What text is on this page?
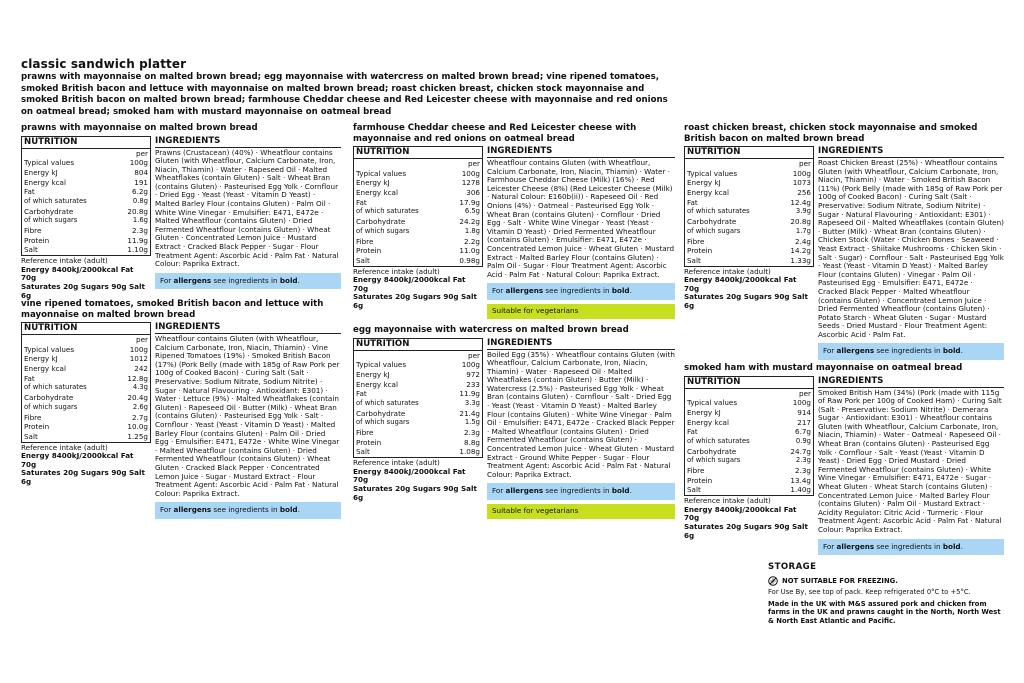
classic sandwich platter
prawns with mayonnaise on malted brown bread; egg mayonnaise with watercress on malted brown bread; vine ripened tomatoes, smoked British bacon and lettuce with mayonnaise on malted brown bread; roast chicken breast, chicken stock mayonnaise and smoked British bacon on malted brown bread; farmhouse Cheddar cheese and Red Leicester cheese with mayonnaise and red onions on oatmeal bread; smoked ham with mustard mayonnaise on oatmeal bread
prawns with mayonnaise on malted brown bread
NUTRITION
per
Typical values	100g
Energy kJ	804
Energy kcal	191
Fat	6.2g
of which saturates	0.8g
Carbohydrate	20.8g
of which sugars	1.6g
Fibre	2.3g
Protein	11.9g
Salt	1.10g
Reference intake (adult)
Energy 8400kJ/2000kcal Fat 70g
Saturates 20g Sugars 90g Salt 6g
INGREDIENTS
Prawns (Crustacean) (40%) · Wheatflour contains Gluten (with Wheatflour, Calcium Carbonate, Iron, Niacin, Thiamin) · Water · Rapeseed Oil · Malted Wheatflakes (contain Gluten) · Salt · Wheat Bran (contains Gluten) · Pasteurised Egg Yolk · Cornflour · Dried Egg · Yeast (Yeast · Vitamin D Yeast) · Malted Barley Flour (contains Gluten) · Palm Oil · White Wine Vinegar · Emulsifier: E471, E472e · Malted Wheatflour (contains Gluten) · Dried Fermented Wheatflour (contains Gluten) · Wheat Gluten · Concentrated Lemon Juice · Mustard Extract · Cracked Black Pepper · Sugar · Flour Treatment Agent: Ascorbic Acid · Palm Fat · Natural Colour: Paprika Extract.
For allergens see ingredients in bold.
vine ripened tomatoes, smoked British bacon and lettuce with mayonnaise on malted brown bread
NUTRITION
per
Typical values	100g
Energy kJ	1012
Energy kcal	242
Fat	12.8g
of which saturates	4.3g
Carbohydrate	20.4g
of which sugars	2.6g
Fibre	2.7g
Protein	10.0g
Salt	1.25g
Reference intake (adult)
Energy 8400kJ/2000kcal Fat 70g
Saturates 20g Sugars 90g Salt 6g
INGREDIENTS
Wheatflour contains Gluten (with Wheatflour, Calcium Carbonate, Iron, Niacin, Thiamin) · Vine Ripened Tomatoes (19%) · Smoked British Bacon (17%) (Pork Belly (made with 185g of Raw Pork per 100g of Cooked Bacon) · Curing Salt (Salt · Preservative: Sodium Nitrate, Sodium Nitrite) · Sugar · Natural Flavouring · Antioxidant: E301) · Water · Lettuce (9%) · Malted Wheatflakes (contain Gluten) · Rapeseed Oil · Butter (Milk) · Wheat Bran (contains Gluten) · Pasteurised Egg Yolk · Salt · Cornflour · Yeast (Yeast · Vitamin D Yeast) · Malted Barley Flour (contains Gluten) · Palm Oil · Dried Egg · Emulsifier: E471, E472e · White Wine Vinegar · Malted Wheatflour (contains Gluten) · Dried Fermented Wheatflour (contains Gluten) · Wheat Gluten · Cracked Black Pepper · Concentrated Lemon Juice · Sugar · Mustard Extract · Flour Treatment Agent: Ascorbic Acid · Palm Fat · Natural Colour: Paprika Extract.
For allergens see ingredients in bold.
farmhouse Cheddar cheese and Red Leicester cheese with mayonnaise and red onions on oatmeal bread
NUTRITION
per
Typical values	100g
Energy kJ	1278
Energy kcal	306
Fat	17.9g
of which saturates	6.5g
Carbohydrate	24.2g
of which sugars	1.8g
Fibre	2.2g
Protein	11.0g
Salt	0.98g
Reference intake (adult)
Energy 8400kJ/2000kcal Fat 70g
Saturates 20g Sugars 90g Salt 6g
INGREDIENTS
Wheatflour contains Gluten (with Wheatflour, Calcium Carbonate, Iron, Niacin, Thiamin) · Water · Farmhouse Cheddar Cheese (Milk) (16%) · Red Leicester Cheese (8%) (Red Leicester Cheese (Milk) · Natural Colour: E160b(ii)) · Rapeseed Oil · Red Onions (4%) · Oatmeal · Pasteurised Egg Yolk · Wheat Bran (contains Gluten) · Cornflour · Dried Egg · Salt · White Wine Vinegar · Yeast (Yeast · Vitamin D Yeast) · Dried Fermented Wheatflour (contains Gluten) · Emulsifier: E471, E472e · Concentrated Lemon Juice · Wheat Gluten · Mustard Extract · Malted Barley Flour (contains Gluten) · Palm Oil · Sugar · Flour Treatment Agent: Ascorbic Acid · Palm Fat · Natural Colour: Paprika Extract.
For allergens see ingredients in bold.
Suitable for vegetarians
egg mayonnaise with watercress on malted brown bread
NUTRITION
per
Typical values	100g
Energy kJ	972
Energy kcal	233
Fat	11.9g
of which saturates	3.3g
Carbohydrate	21.4g
of which sugars	1.5g
Fibre	2.3g
Protein	8.8g
Salt	1.08g
Reference intake (adult)
Energy 8400kJ/2000kcal Fat 70g
Saturates 20g Sugars 90g Salt 6g
INGREDIENTS
Boiled Egg (35%) · Wheatflour contains Gluten (with Wheatflour, Calcium Carbonate, Iron, Niacin, Thiamin) · Water · Rapeseed Oil · Malted Wheatflakes (contain Gluten) · Butter (Milk) · Watercress (2.5%) · Pasteurised Egg Yolk · Wheat Bran (contains Gluten) · Cornflour · Salt · Dried Egg · Yeast (Yeast · Vitamin D Yeast) · Malted Barley Flour (contains Gluten) · White Wine Vinegar · Palm Oil · Emulsifier: E471, E472e · Cracked Black Pepper · Malted Wheatflour (contains Gluten) · Dried Fermented Wheatflour (contains Gluten) · Concentrated Lemon Juice · Wheat Gluten · Mustard Extract · Ground White Pepper · Sugar · Flour Treatment Agent: Ascorbic Acid · Palm Fat · Natural Colour: Paprika Extract.
For allergens see ingredients in bold.
Suitable for vegetarians
roast chicken breast, chicken stock mayonnaise and smoked British bacon on malted brown bread
NUTRITION
per
Typical values	100g
Energy kJ	1073
Energy kcal	256
Fat	12.4g
of which saturates	3.9g
Carbohydrate	20.8g
of which sugars	1.7g
Fibre	2.4g
Protein	14.2g
Salt	1.33g
Reference intake (adult)
Energy 8400kJ/2000kcal Fat 70g
Saturates 20g Sugars 90g Salt 6g
INGREDIENTS
Roast Chicken Breast (25%) · Wheatflour contains Gluten (with Wheatflour, Calcium Carbonate, Iron, Niacin, Thiamin) · Water · Smoked British Bacon (11%) (Pork Belly (made with 185g of Raw Pork per 100g of Cooked Bacon) · Curing Salt (Salt · Preservative: Sodium Nitrate, Sodium Nitrite) · Sugar · Natural Flavouring · Antioxidant: E301) · Rapeseed Oil · Malted Wheatflakes (contain Gluten) · Butter (Milk) · Wheat Bran (contains Gluten) · Chicken Stock (Water · Chicken Bones · Seaweed · Yeast Extract · Shiitake Mushrooms · Chicken Skin · Salt · Sugar) · Cornflour · Salt · Pasteurised Egg Yolk · Yeast (Yeast · Vitamin D Yeast) · Malted Barley Flour (contains Gluten) · Vinegar · Palm Oil · Pasteurised Egg · Emulsifier: E471, E472e · Cracked Black Pepper · Malted Wheatflour (contains Gluten) · Concentrated Lemon Juice · Dried Fermented Wheatflour (contains Gluten) · Potato Starch · Wheat Gluten · Sugar · Mustard Seeds · Dried Mustard · Flour Treatment Agent: Ascorbic Acid · Palm Fat.
For allergens see ingredients in bold.
smoked ham with mustard mayonnaise on oatmeal bread
NUTRITION
per
Typical values	100g
Energy kJ	914
Energy kcal	217
Fat	6.7g
of which saturates	0.9g
Carbohydrate	24.7g
of which sugars	2.3g
Fibre	2.3g
Protein	13.4g
Salt	1.40g
Reference intake (adult)
Energy 8400kJ/2000kcal Fat 70g
Saturates 20g Sugars 90g Salt 6g
INGREDIENTS
Smoked British Ham (34%) (Pork (made with 115g of Raw Pork per 100g of Cooked Ham) · Curing Salt (Salt · Preservative: Sodium Nitrite) · Demerara Sugar · Antioxidant: E301) · Wheatflour contains Gluten (with Wheatflour, Calcium Carbonate, Iron, Niacin, Thiamin) · Water · Oatmeal · Rapeseed Oil · Wheat Bran (contains Gluten) · Pasteurised Egg Yolk · Cornflour · Salt · Yeast (Yeast · Vitamin D Yeast) · Dried Egg · Dried Mustard · Dried Fermented Wheatflour (contains Gluten) · White Wine Vinegar · Emulsifier: E471, E472e · Sugar · Wheat Gluten · Wheat Starch (contains Gluten) · Concentrated Lemon Juice · Malted Barley Flour (contains Gluten) · Palm Oil · Mustard Extract · Acidity Regulator: Citric Acid · Turmeric · Flour Treatment Agent: Ascorbic Acid · Palm Fat · Natural Colour: Paprika Extract.
For allergens see ingredients in bold.
STORAGE
NOT SUITABLE FOR FREEZING.
For Use By, see top of pack. Keep refrigerated 0°C to +5°C.
Made in the UK with M&S assured pork and chicken from farms in the UK and prawns caught in the North, North West & North East Atlantic and Pacific.
